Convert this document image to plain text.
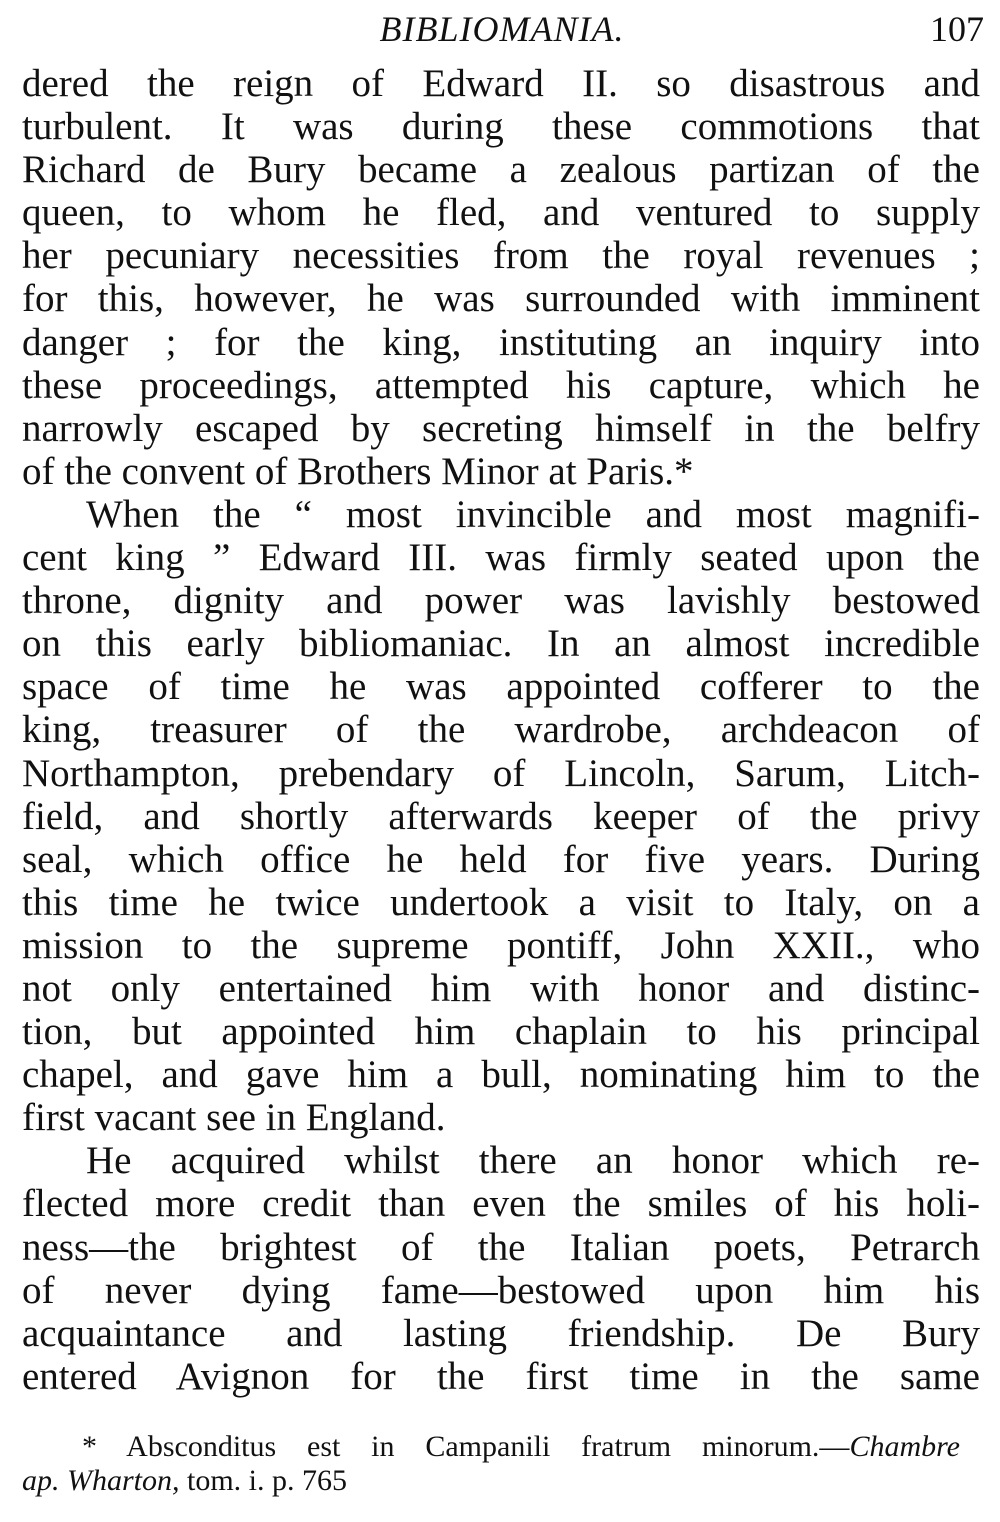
BIBLIOMANIA.	107
dered the reign of Edward II. so disastrous and
turbulent. It was during these commotions that
Richard de Bury became a zealous partizan of the
queen, to whom he fled, and ventured to supply
her pecuniary necessities from the royal revenues ;
for this, however, he was surrounded with imminent
danger ; for the king, instituting an inquiry into
these proceedings, attempted his capture, which he
narrowly escaped by secreting himself in the belfry
of the convent of Brothers Minor at Paris.*
When the “ most invincible and most magnifi-
cent king ” Edward III. was firmly seated upon the
throne, dignity and power was lavishly bestowed
on this early bibliomaniac. In an almost incredible
space of time he was appointed cofferer to the
king, treasurer of the wardrobe, archdeacon of
Northampton, prebendary of Lincoln, Sarum, Litch-
field, and shortly afterwards keeper of the privy
seal, which office he held for five years. During
this time he twice undertook a visit to Italy, on a
mission to the supreme pontiff, John XXII., who
not only entertained him with honor and distinc-
tion, but appointed him chaplain to his principal
chapel, and gave him a bull, nominating him to the
first vacant see in England.
He acquired whilst there an honor which re-
flected more credit than even the smiles of his holi-
ness—the brightest of the Italian poets, Petrarch
of never dying fame—bestowed upon him his
acquaintance and lasting friendship. De Bury
entered Avignon for the first time in the same
* Absconditus est in Campanili fratrum minorum.—Chambre
ap. Wharton, tom. i. p. 765
